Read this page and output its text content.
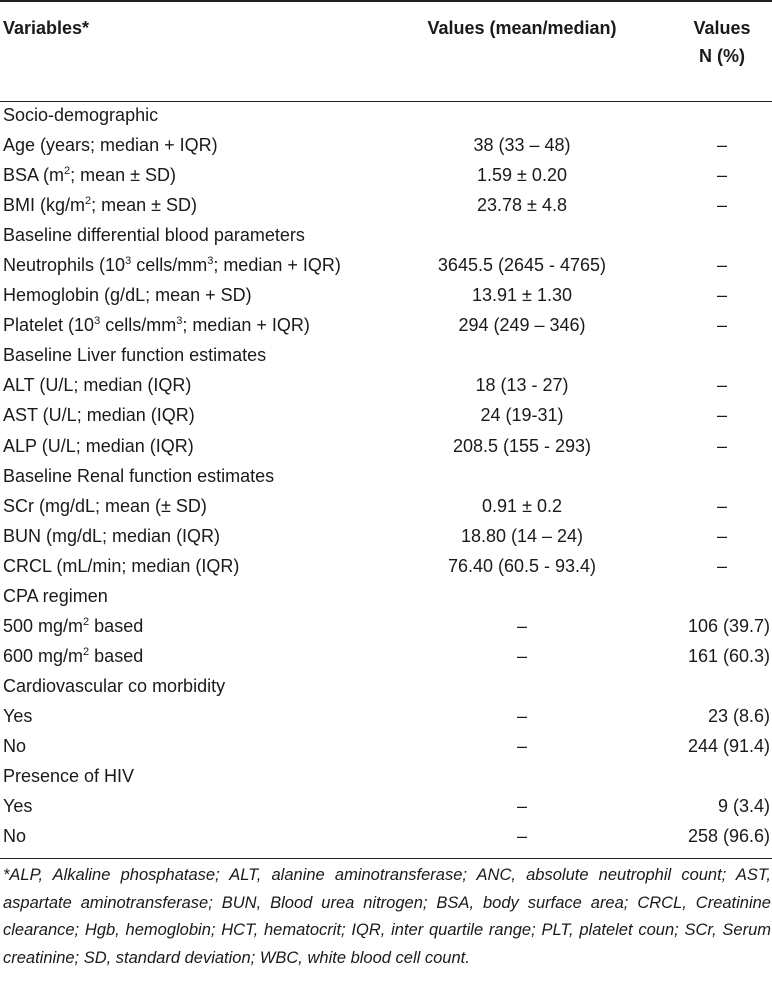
Variables*	Values (mean/median)	Values
N (%)
Socio-demographic
Age (years; median + IQR)	38 (33 – 48)	–
BSA ($m^2$; mean ± SD)	1.59 ± 0.20	–
BMI ($kg/m^2$; mean ± SD)	23.78 ± 4.8	–
Baseline differential blood parameters
Neutrophils ($10^3$ cells/$mm^3$; median + IQR)	3645.5 (2645 - 4765)	–
Hemoglobin (g/dL; mean + SD)	13.91 ± 1.30	–
Platelet ($10^3$ cells/$mm^3$; median + IQR)	294 (249 – 346)	–
Baseline Liver function estimates
ALT (U/L; median (IQR)	18 (13 - 27)	–
AST (U/L; median (IQR)	24 (19-31)	–
ALP (U/L; median (IQR)	208.5 (155 - 293)	–
Baseline Renal function estimates
SCr (mg/dL; mean (± SD)	0.91 ± 0.2	–
BUN (mg/dL; median (IQR)	18.80 (14 – 24)	–
CRCL (mL/min; median (IQR)	76.40 (60.5 - 93.4)	–
CPA regimen
500 $mg/m^2$ based	–	106 (39.7)
600 $mg/m^2$ based	–	161 (60.3)
Cardiovascular co morbidity
Yes	–	23 (8.6)
No	–	244 (91.4)
Presence of HIV
Yes	–	9 (3.4)
No	–	258 (96.6)
*ALP, Alkaline phosphatase; ALT, alanine aminotransferase; ANC, absolute neutrophil count; AST, aspartate aminotransferase; BUN, Blood urea nitrogen; BSA, body surface area; CRCL, Creatinine clearance; Hgb, hemoglobin; HCT, hematocrit; IQR, inter quartile range; PLT, platelet coun; SCr, Serum creatinine; SD, standard deviation; WBC, white blood cell count.
